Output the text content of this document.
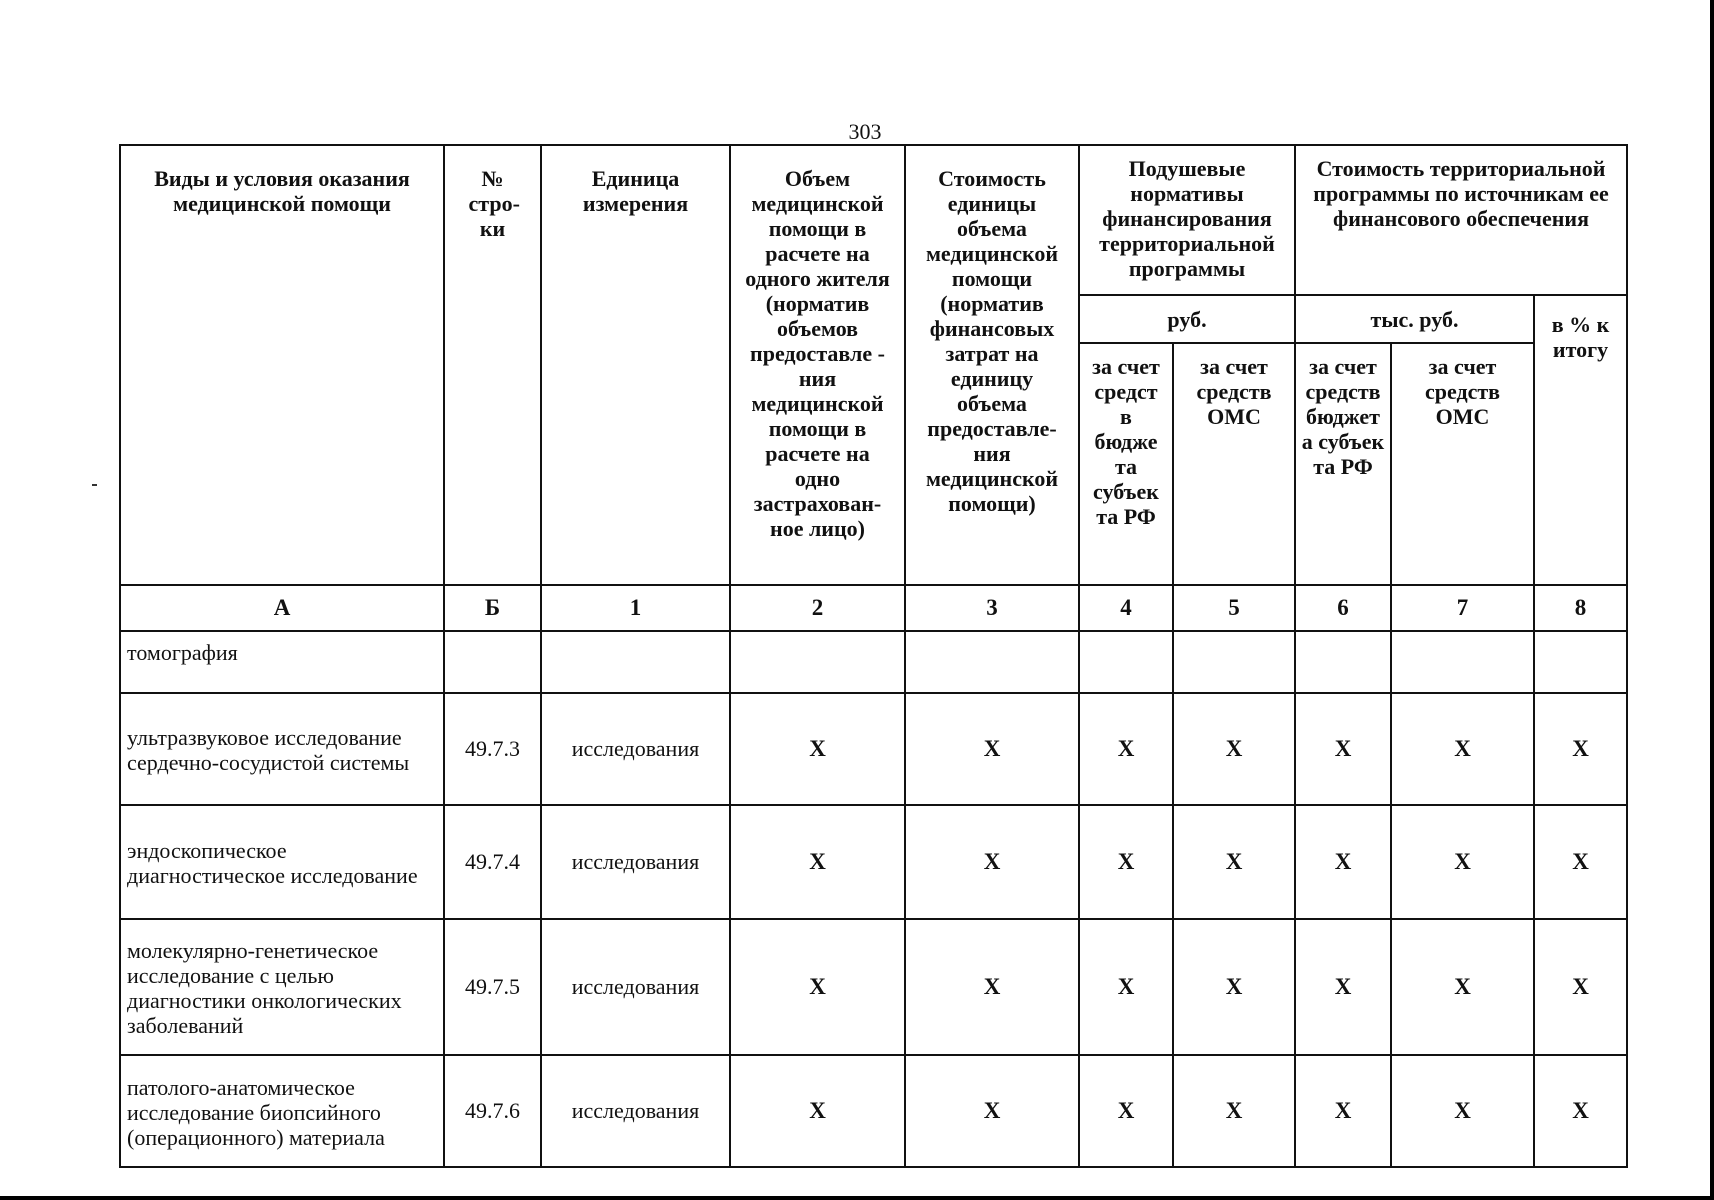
303
Виды и условия оказания медицинской помощи	№ стро-ки	Единица измерения	Объем медицинской помощи в расчете на одного жителя (норматив объемов предоставле - ния медицинской помощи в расчете на одно застрахован-ное лицо)	Стоимость единицы объема медицинской помощи (норматив финансовых затрат на единицу объема предоставле-ния медицинской помощи)	Подушевые нормативы финансирования территориальной программы		Стоимость территориальной программы по источникам ее финансового обеспечения		

					руб.		тыс. руб.		в % к итогу

					за счет средст в бюдже та субъек та РФ	за счет средств ОМС	за счет средств бюджет а субъек та РФ	за счет средств ОМС	

А	Б	1	2	3	4	5	6	7	8
томография									
ультразвуковое исследование сердечно-сосудистой системы	49.7.3	исследования	X	X	X	X	X	X	X
эндоскопическое диагностическое исследование	49.7.4	исследования	X	X	X	X	X	X	X
молекулярно-генетическое исследование с целью диагностики онкологических заболеваний	49.7.5	исследования	X	X	X	X	X	X	X
патолого-анатомическое исследование биопсийного (операционного) материала	49.7.6	исследования	X	X	X	X	X	X	X
